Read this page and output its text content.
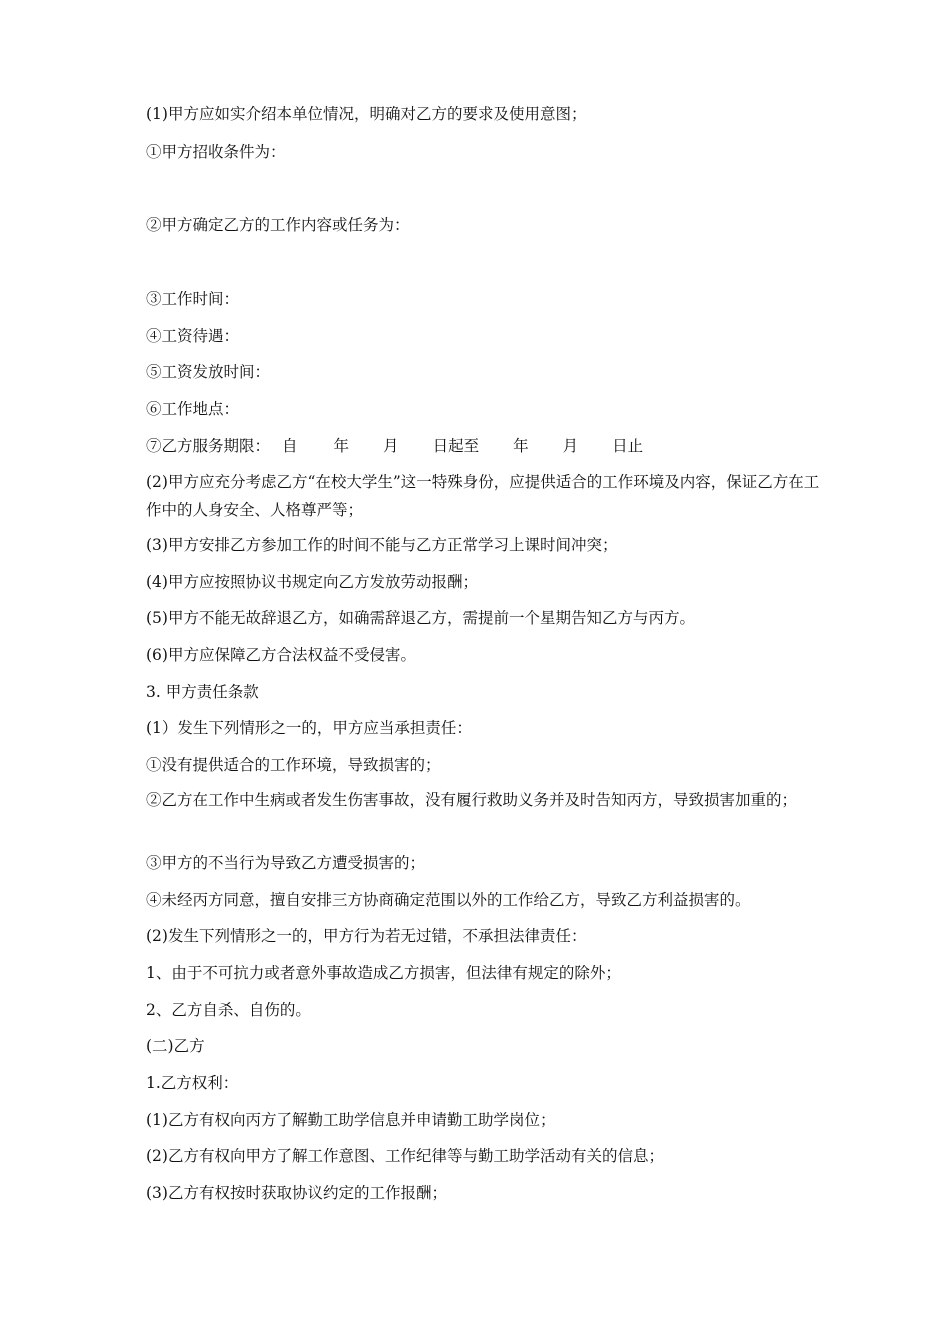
(1)甲方应如实介绍本单位情况，明确对乙方的要求及使用意图；
①甲方招收条件为：
②甲方确定乙方的工作内容或任务为：
③工作时间：
④工资待遇：
⑤工资发放时间：
⑥工作地点：
⑦乙方服务期限： 自 年 月 日起至 年 月 日止
(2)甲方应充分考虑乙方“在校大学生”这一特殊身份，应提供适合的工作环境及内容，保证乙方在工作中的人身安全、人格尊严等；
(3)甲方安排乙方参加工作的时间不能与乙方正常学习上课时间冲突；
(4)甲方应按照协议书规定向乙方发放劳动报酬；
(5)甲方不能无故辞退乙方，如确需辞退乙方，需提前一个星期告知乙方与丙方。
(6)甲方应保障乙方合法权益不受侵害。
3. 甲方责任条款
(1）发生下列情形之一的，甲方应当承担责任：
①没有提供适合的工作环境，导致损害的；
②乙方在工作中生病或者发生伤害事故，没有履行救助义务并及时告知丙方，导致损害加重的；
③甲方的不当行为导致乙方遭受损害的；
④未经丙方同意，擅自安排三方协商确定范围以外的工作给乙方，导致乙方利益损害的。
(2)发生下列情形之一的，甲方行为若无过错，不承担法律责任：
1、由于不可抗力或者意外事故造成乙方损害，但法律有规定的除外；
2、乙方自杀、自伤的。
(二)乙方
1.乙方权利：
(1)乙方有权向丙方了解勤工助学信息并申请勤工助学岗位；
(2)乙方有权向甲方了解工作意图、工作纪律等与勤工助学活动有关的信息；
(3)乙方有权按时获取协议约定的工作报酬；
